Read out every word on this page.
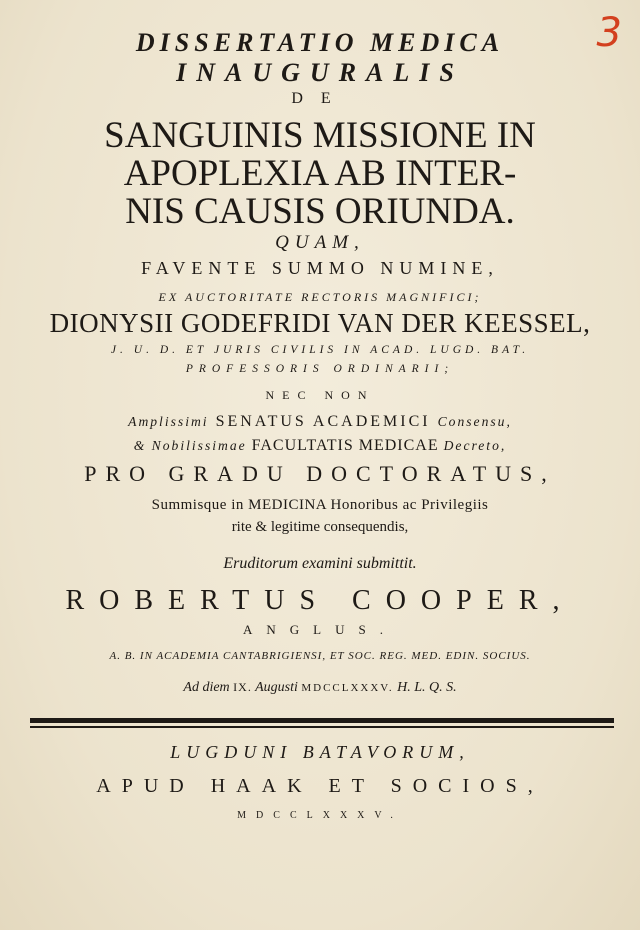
3
DISSERTATIO MEDICA
INAUGURALIS
DE
SANGUINIS MISSIONE IN
APOPLEXIA AB INTER-
NIS CAUSIS ORIUNDA.
QUAM,
FAVENTE SUMMO NUMINE,
EX AUCTORITATE RECTORIS MAGNIFICI;
DIONYSII GODEFRIDI VAN DER KEESSEL,
J. U. D. ET JURIS CIVILIS IN ACAD. LUGD. BAT.
PROFESSORIS ORDINARII;
NEC NON
Amplissimi SENATUS ACADEMICI Consensu,
& Nobilissimae FACULTATIS MEDICAE Decreto,
PRO GRADU DOCTORATUS,
Summisque in MEDICINA Honoribus ac Privilegiis
rite & legitime consequendis,
Eruditorum examini submittit.
ROBERTUS COOPER,
ANGLUS.
A. B. IN ACADEMIA CANTABRIGIENSI, ET SOC. REG. MED. EDIN. SOCIUS.
Ad diem IX. Augusti MDCCLXXXV. H. L. Q. S.
LUGDUNI BATAVORUM,
APUD HAAK ET SOCIOS,
MDCCLXXXV.
